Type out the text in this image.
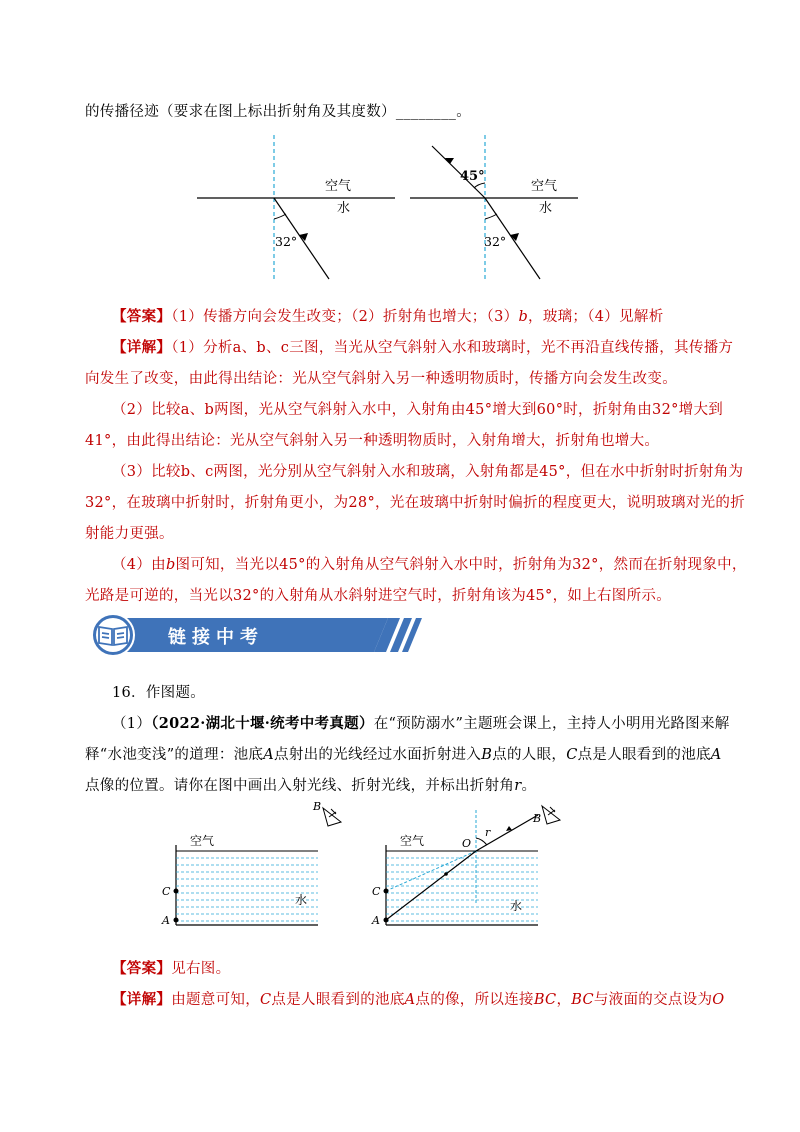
的传播径迹（要求在图上标出折射角及其度数）________。
空气
水
32°
45°
空气
水
32°
【答案】（1）传播方向会发生改变；（2）折射角也增大；（3）b，玻璃；（4）见解析
【详解】（1）分析a、b、c三图，当光从空气斜射入水和玻璃时，光不再沿直线传播，其传播方
向发生了改变，由此得出结论：光从空气斜射入另一种透明物质时，传播方向会发生改变。
（2）比较a、b两图，光从空气斜射入水中，入射角由45°增大到60°时，折射角由32°增大到
41°，由此得出结论：光从空气斜射入另一种透明物质时，入射角增大，折射角也增大。
（3）比较b、c两图，光分别从空气斜射入水和玻璃，入射角都是45°，但在水中折射时折射角为
32°，在玻璃中折射时，折射角更小，为28°，光在玻璃中折射时偏折的程度更大，说明玻璃对光的折
射能力更强。
（4）由b图可知，当光以45°的入射角从空气斜射入水中时，折射角为32°，然而在折射现象中，
光路是可逆的，当光以32°的入射角从水斜射进空气时，折射角该为45°，如上右图所示。
链接中考
16．作图题。
（1）（2022·湖北十堰·统考中考真题）在“预防溺水”主题班会课上，主持人小明用光路图来解
释“水池变浅”的道理：池底A点射出的光线经过水面折射进入B点的人眼，C点是人眼看到的池底A
点像的位置。请你在图中画出入射光线、折射光线，并标出折射角r。
空气
水
C
A
B
空气
水
C
A
O
r
B
【答案】见右图。
【详解】由题意可知，C点是人眼看到的池底A点的像，所以连接BC，BC与液面的交点设为O
